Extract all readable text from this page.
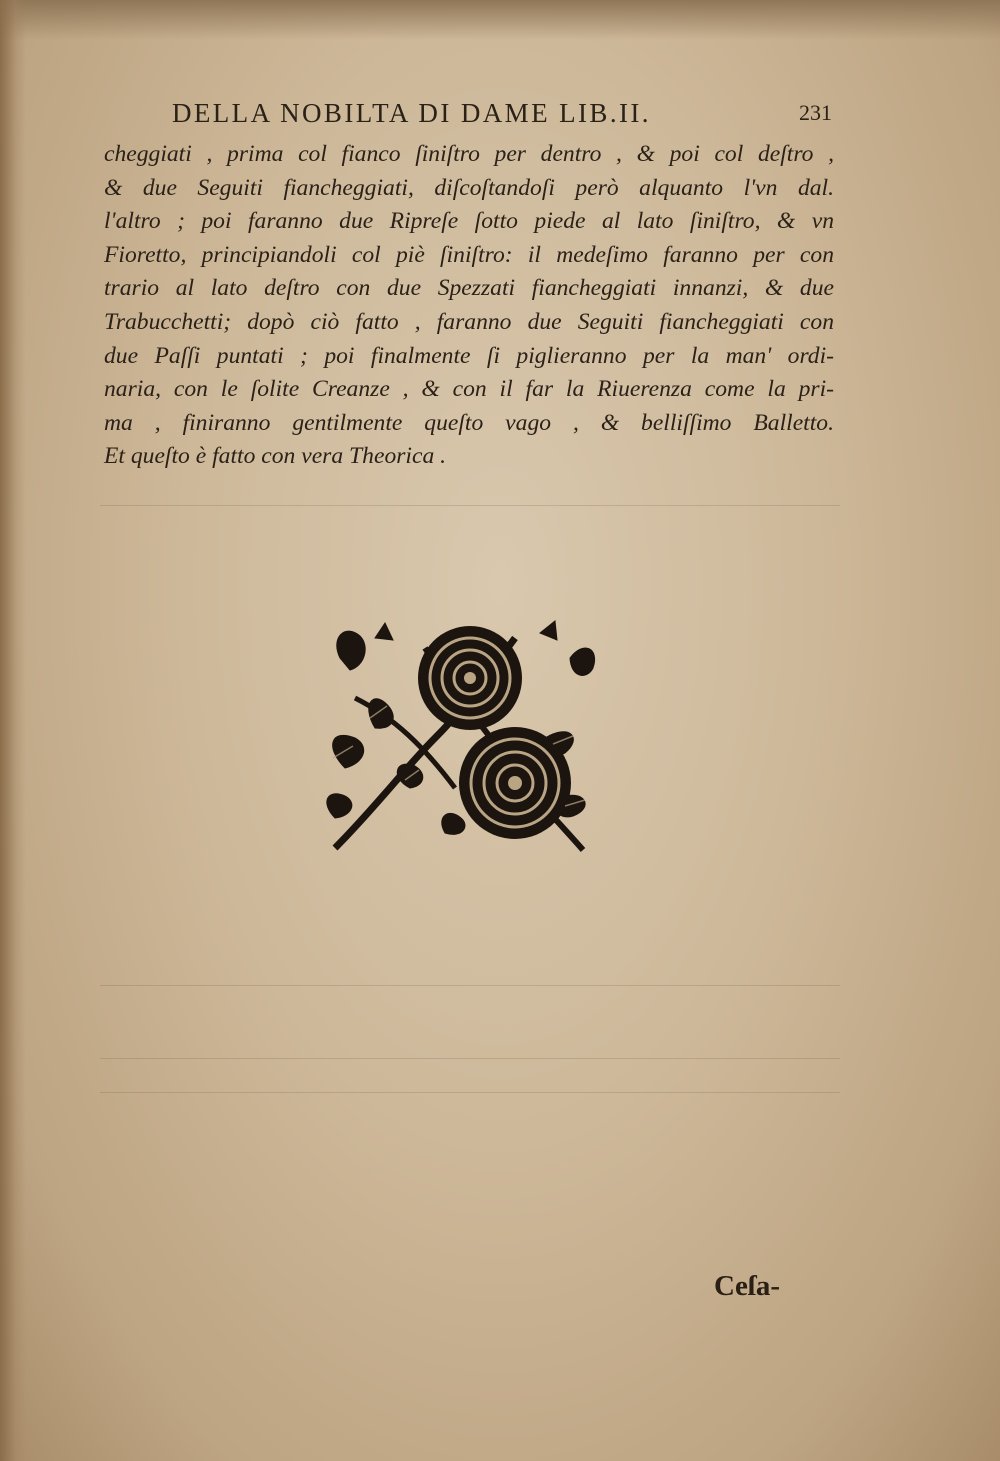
DELLA NOBILTA DI DAME LIB.II.	231
cheggiati , prima col fianco ſiniſtro per dentro , & poi col deſtro ,
& due Seguiti fiancheggiati, diſcoſtandoſi però alquanto l'vn dal.
l'altro ; poi faranno due Ripreſe ſotto piede al lato ſiniſtro, & vn
Fioretto, principiandoli col piè ſiniſtro: il medeſimo faranno per con
trario al lato deſtro con due Spezzati fiancheggiati innanzi, & due
Trabucchetti; dopò ciò fatto , faranno due Seguiti fiancheggiati con
due Paſſi puntati ; poi finalmente ſi piglieranno per la man' ordi-
naria, con le ſolite Creanze , & con il far la Riuerenza come la pri-
ma , finiranno gentilmente queſto vago , & belliſſimo Balletto.
Et queſto è fatto con vera Theorica .
Ceſa-
